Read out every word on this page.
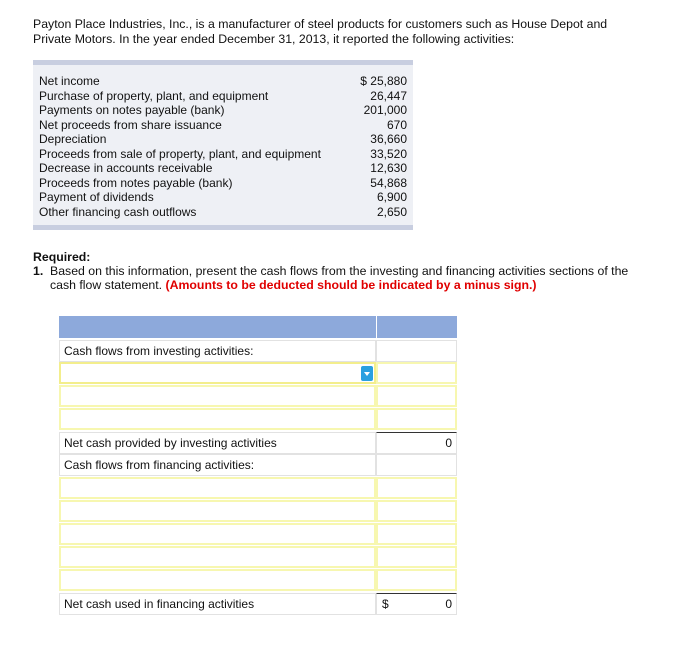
Payton Place Industries, Inc., is a manufacturer of steel products for customers such as House Depot and Private Motors. In the year ended December 31, 2013, it reported the following activities:
Net income	$ 25,880
Purchase of property, plant, and equipment	26,447
Payments on notes payable (bank)	201,000
Net proceeds from share issuance	670
Depreciation	36,660
Proceeds from sale of property, plant, and equipment	33,520
Decrease in accounts receivable	12,630
Proceeds from notes payable (bank)	54,868
Payment of dividends	6,900
Other financing cash outflows	2,650
Required:
1. Based on this information, present the cash flows from the investing and financing activities sections of the cash flow statement. (Amounts to be deducted should be indicated by a minus sign.)
Cash flows from investing activities:
Net cash provided by investing activities	0
Cash flows from financing activities:
Net cash used in financing activities	$	0
